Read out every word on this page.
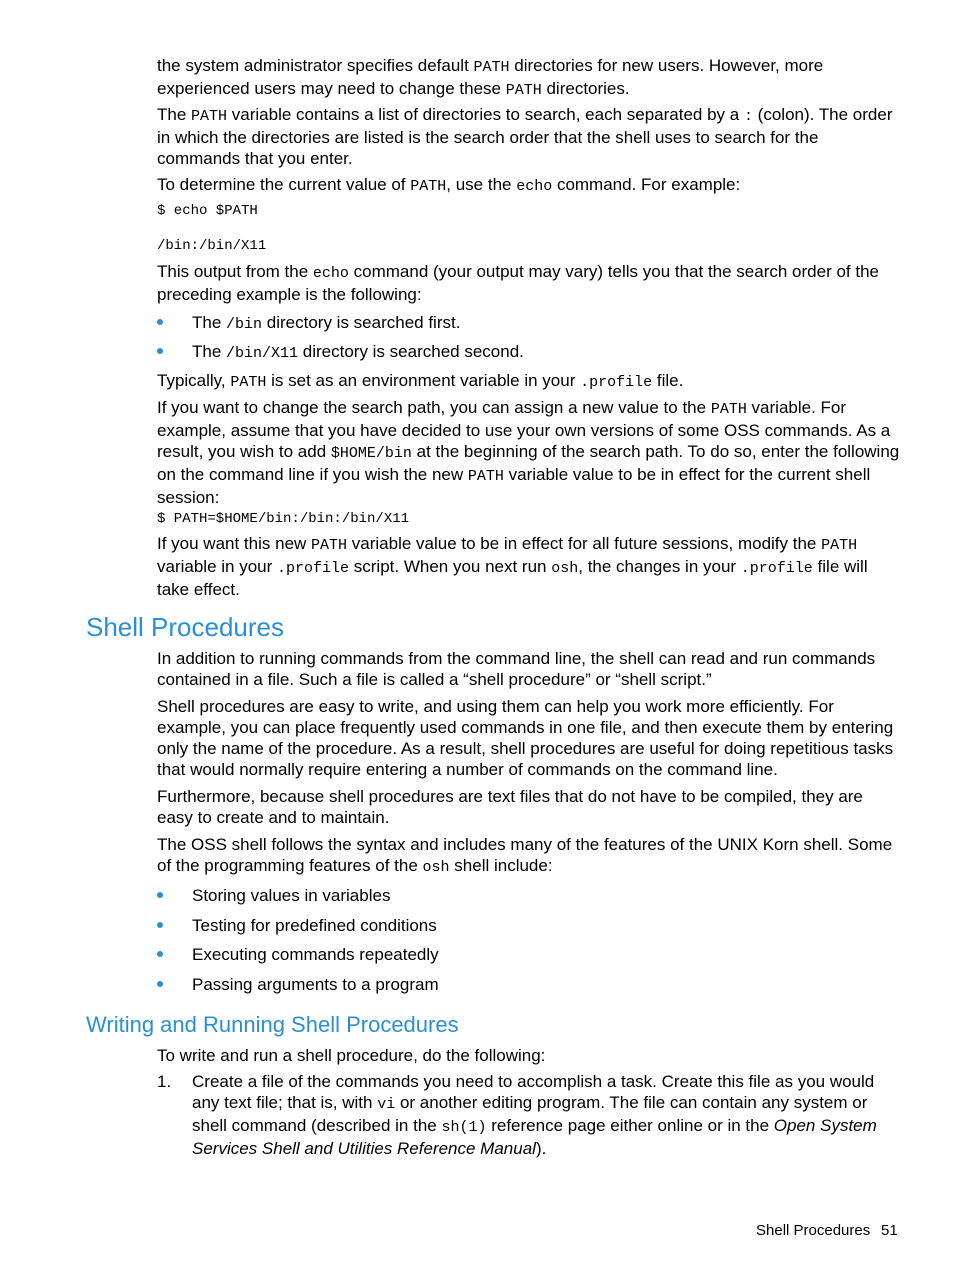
the system administrator specifies default PATH directories for new users. However, more experienced users may need to change these PATH directories.

The PATH variable contains a list of directories to search, each separated by a : (colon). The order in which the directories are listed is the search order that the shell uses to search for the commands that you enter.

To determine the current value of PATH, use the echo command. For example:

$ echo $PATH
/bin:/bin/X11

This output from the echo command (your output may vary) tells you that the search order of the preceding example is the following:

The /bin directory is searched first.
The /bin/X11 directory is searched second.

Typically, PATH is set as an environment variable in your .profile file.

If you want to change the search path, you can assign a new value to the PATH variable. For example, assume that you have decided to use your own versions of some OSS commands. As a result, you wish to add $HOME/bin at the beginning of the search path. To do so, enter the following on the command line if you wish the new PATH variable value to be in effect for the current shell session:

$ PATH=$HOME/bin:/bin:/bin/X11

If you want this new PATH variable value to be in effect for all future sessions, modify the PATH variable in your .profile script. When you next run osh, the changes in your .profile file will take effect.

Shell Procedures

In addition to running commands from the command line, the shell can read and run commands contained in a file. Such a file is called a “shell procedure” or “shell script.”

Shell procedures are easy to write, and using them can help you work more efficiently. For example, you can place frequently used commands in one file, and then execute them by entering only the name of the procedure. As a result, shell procedures are useful for doing repetitious tasks that would normally require entering a number of commands on the command line.

Furthermore, because shell procedures are text files that do not have to be compiled, they are easy to create and to maintain.

The OSS shell follows the syntax and includes many of the features of the UNIX Korn shell. Some of the programming features of the osh shell include:

Storing values in variables
Testing for predefined conditions
Executing commands repeatedly
Passing arguments to a program
Writing and Running Shell Procedures

To write and run a shell procedure, do the following:

1. Create a file of the commands you need to accomplish a task. Create this file as you would any text file; that is, with vi or another editing program. The file can contain any system or shell command (described in the sh(1) reference page either online or in the Open System Services Shell and Utilities Reference Manual).
Shell Procedures 51
